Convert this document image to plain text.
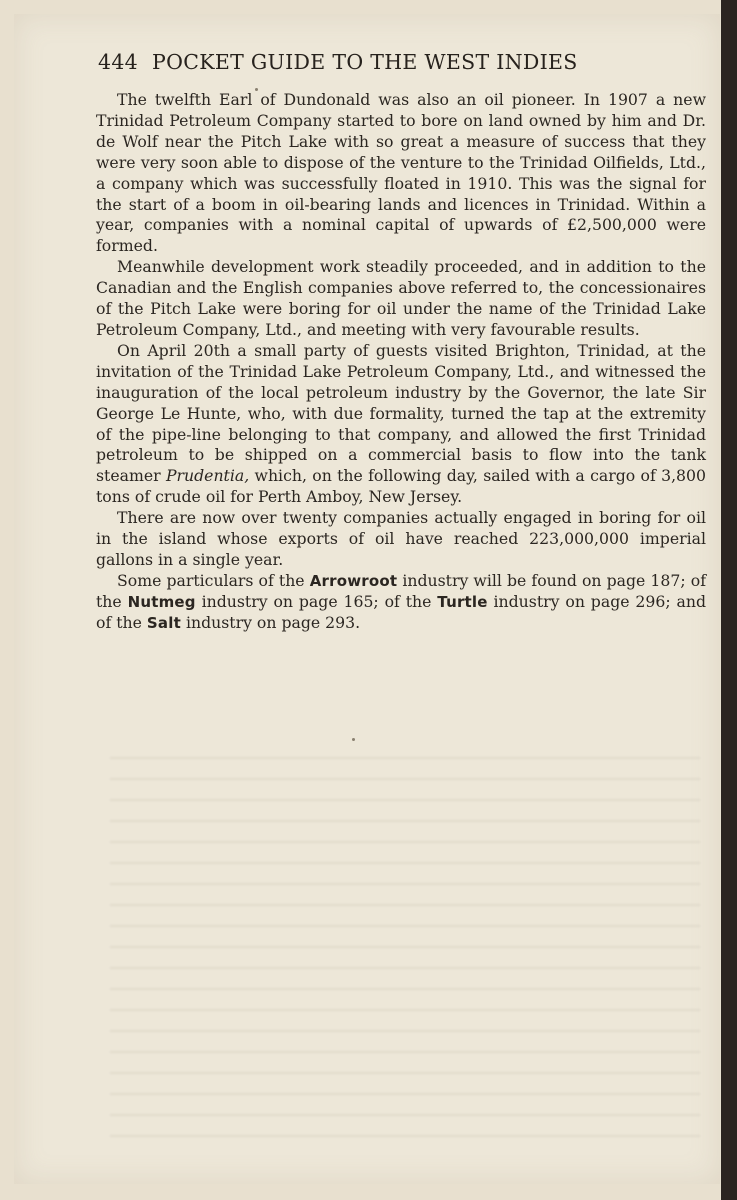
444 POCKET GUIDE TO THE WEST INDIES

The twelfth Earl of Dundonald was also an oil pioneer. In 1907 a new Trinidad Petroleum Company started to bore on land owned by him and Dr. de Wolf near the Pitch Lake with so great a measure of success that they were very soon able to dispose of the venture to the Trinidad Oilfields, Ltd., a company which was successfully floated in 1910. This was the signal for the start of a boom in oil-bearing lands and licences in Trinidad. Within a year, companies with a nominal capital of upwards of £2,500,000 were formed.

Meanwhile development work steadily proceeded, and in addition to the Canadian and the English companies above referred to, the concessionaires of the Pitch Lake were boring for oil under the name of the Trinidad Lake Petroleum Company, Ltd., and meeting with very favourable results.

On April 20th a small party of guests visited Brighton, Trinidad, at the invitation of the Trinidad Lake Petroleum Company, Ltd., and witnessed the inauguration of the local petroleum industry by the Governor, the late Sir George Le Hunte, who, with due formality, turned the tap at the extremity of the pipe-line belonging to that company, and allowed the first Trinidad petroleum to be shipped on a commercial basis to flow into the tank steamer Prudentia, which, on the following day, sailed with a cargo of 3,800 tons of crude oil for Perth Amboy, New Jersey.

There are now over twenty companies actually engaged in boring for oil in the island whose exports of oil have reached 223,000,000 imperial gallons in a single year.

Some particulars of the Arrowroot industry will be found on page 187; of the Nutmeg industry on page 165; of the Turtle industry on page 296; and of the Salt industry on page 293.
